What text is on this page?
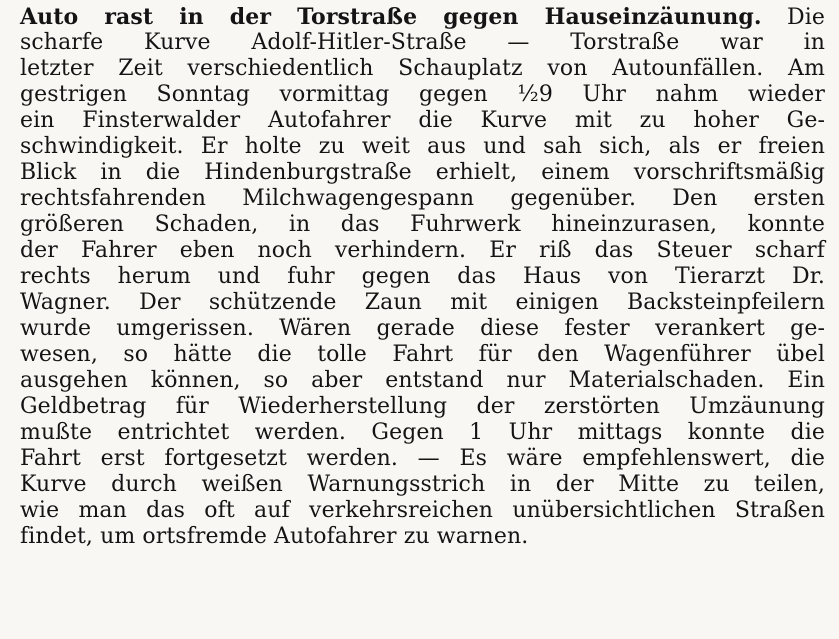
Auto rast in der Torstraße gegen Hauseinzäunung. Die
scharfe Kurve Adolf-Hitler-Straße — Torstraße war in
letzter Zeit verschiedentlich Schauplatz von Autounfällen. Am
gestrigen Sonntag vormittag gegen ½9 Uhr nahm wieder
ein Finsterwalder Autofahrer die Kurve mit zu hoher Ge-
schwindigkeit. Er holte zu weit aus und sah sich, als er freien
Blick in die Hindenburgstraße erhielt, einem vorschriftsmäßig
rechtsfahrenden Milchwagengespann gegenüber. Den ersten
größeren Schaden, in das Fuhrwerk hineinzurasen, konnte
der Fahrer eben noch verhindern. Er riß das Steuer scharf
rechts herum und fuhr gegen das Haus von Tierarzt Dr.
Wagner. Der schützende Zaun mit einigen Backsteinpfeilern
wurde umgerissen. Wären gerade diese fester verankert ge-
wesen, so hätte die tolle Fahrt für den Wagenführer übel
ausgehen können, so aber entstand nur Materialschaden. Ein
Geldbetrag für Wiederherstellung der zerstörten Umzäunung
mußte entrichtet werden. Gegen 1 Uhr mittags konnte die
Fahrt erst fortgesetzt werden. — Es wäre empfehlenswert, die
Kurve durch weißen Warnungsstrich in der Mitte zu teilen,
wie man das oft auf verkehrsreichen unübersichtlichen Straßen
findet, um ortsfremde Autofahrer zu warnen.
